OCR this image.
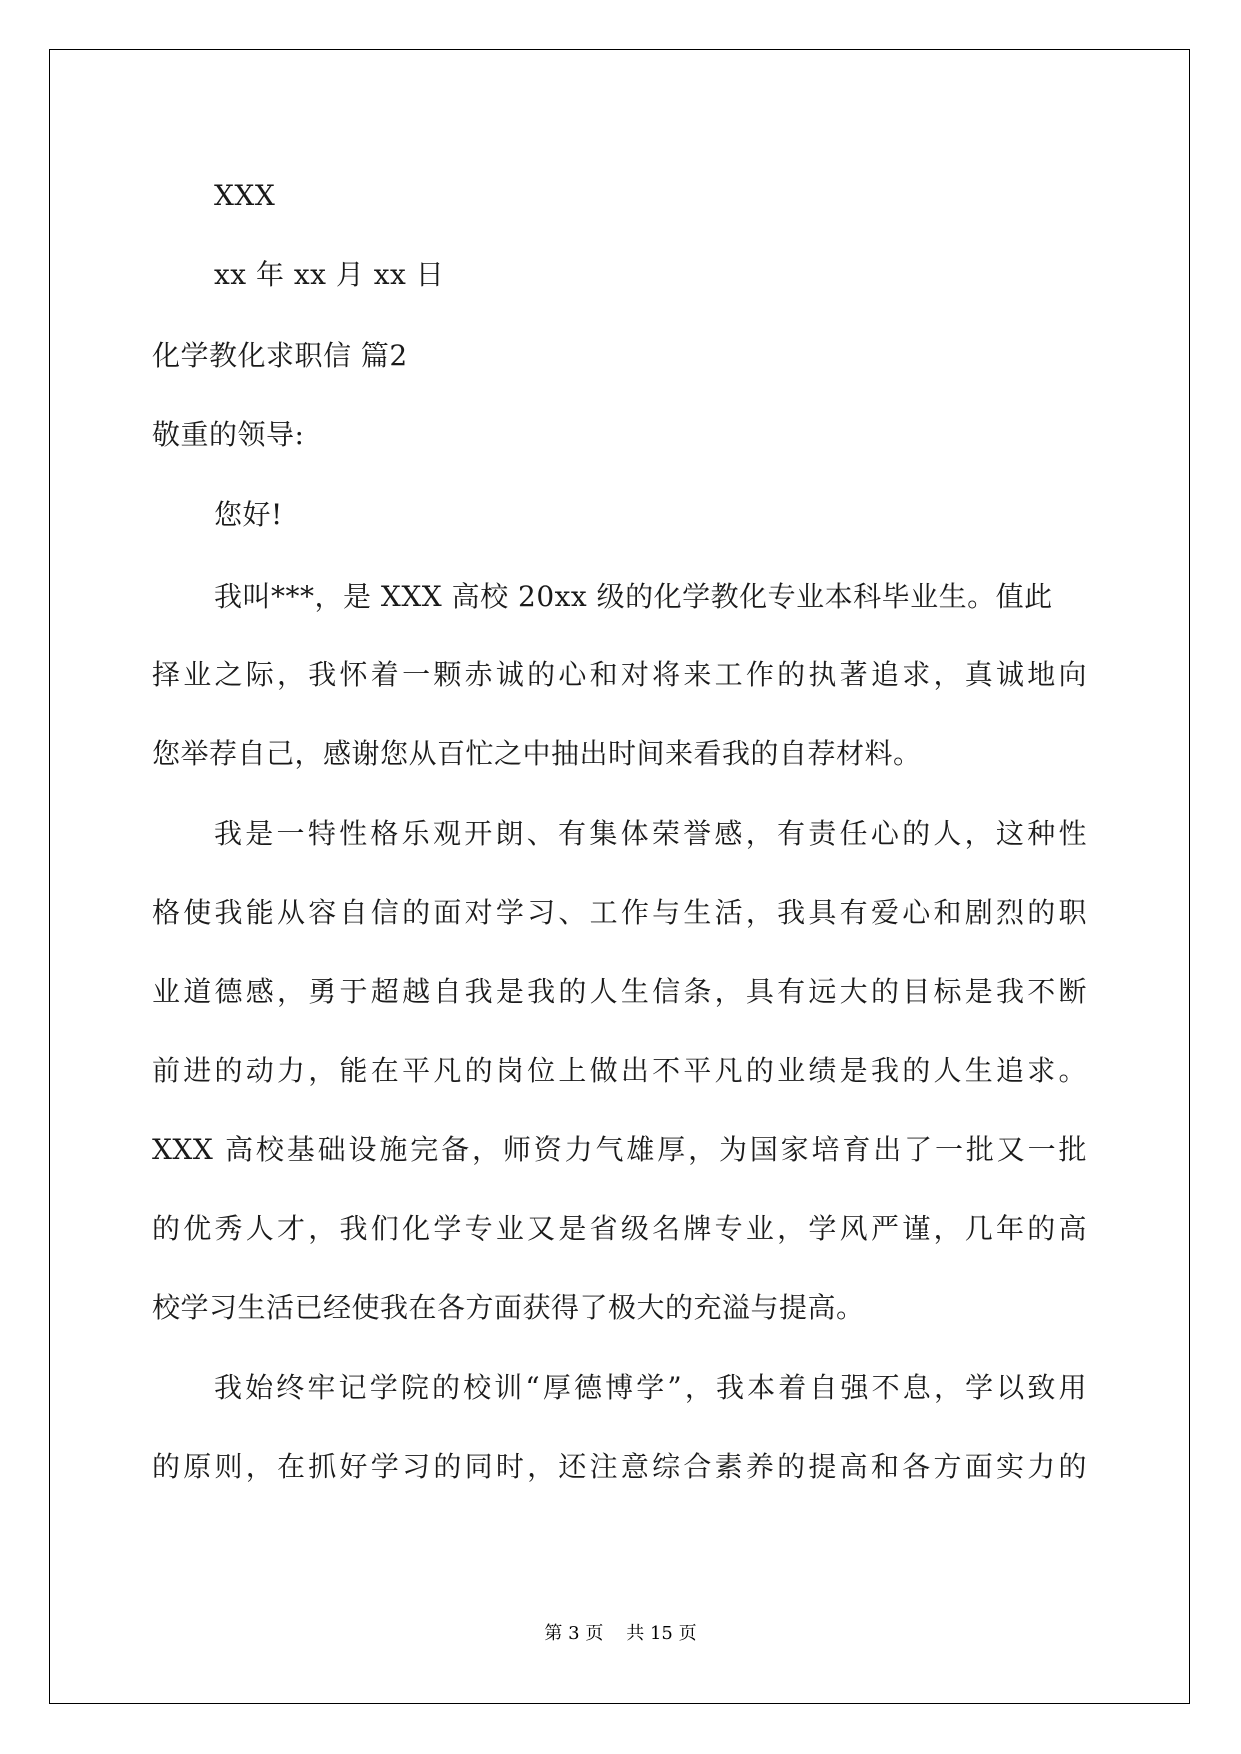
XXX
xx 年 xx 月 xx 日
化学教化求职信 篇2
敬重的领导:
您好!
我叫***，是 XXX 高校 20xx 级的化学教化专业本科毕业生。值此
择业之际，我怀着一颗赤诚的心和对将来工作的执著追求，真诚地向
您举荐自己，感谢您从百忙之中抽出时间来看我的自荐材料。
我是一特性格乐观开朗、有集体荣誉感，有责任心的人，这种性
格使我能从容自信的面对学习、工作与生活，我具有爱心和剧烈的职
业道德感，勇于超越自我是我的人生信条，具有远大的目标是我不断
前进的动力，能在平凡的岗位上做出不平凡的业绩是我的人生追求。
XXX 高校基础设施完备，师资力气雄厚，为国家培育出了一批又一批
的优秀人才，我们化学专业又是省级名牌专业，学风严谨，几年的高
校学习生活已经使我在各方面获得了极大的充溢与提高。
我始终牢记学院的校训“厚德博学”，我本着自强不息，学以致用
的原则，在抓好学习的同时，还注意综合素养的提高和各方面实力的
第 3 页 共 15 页
